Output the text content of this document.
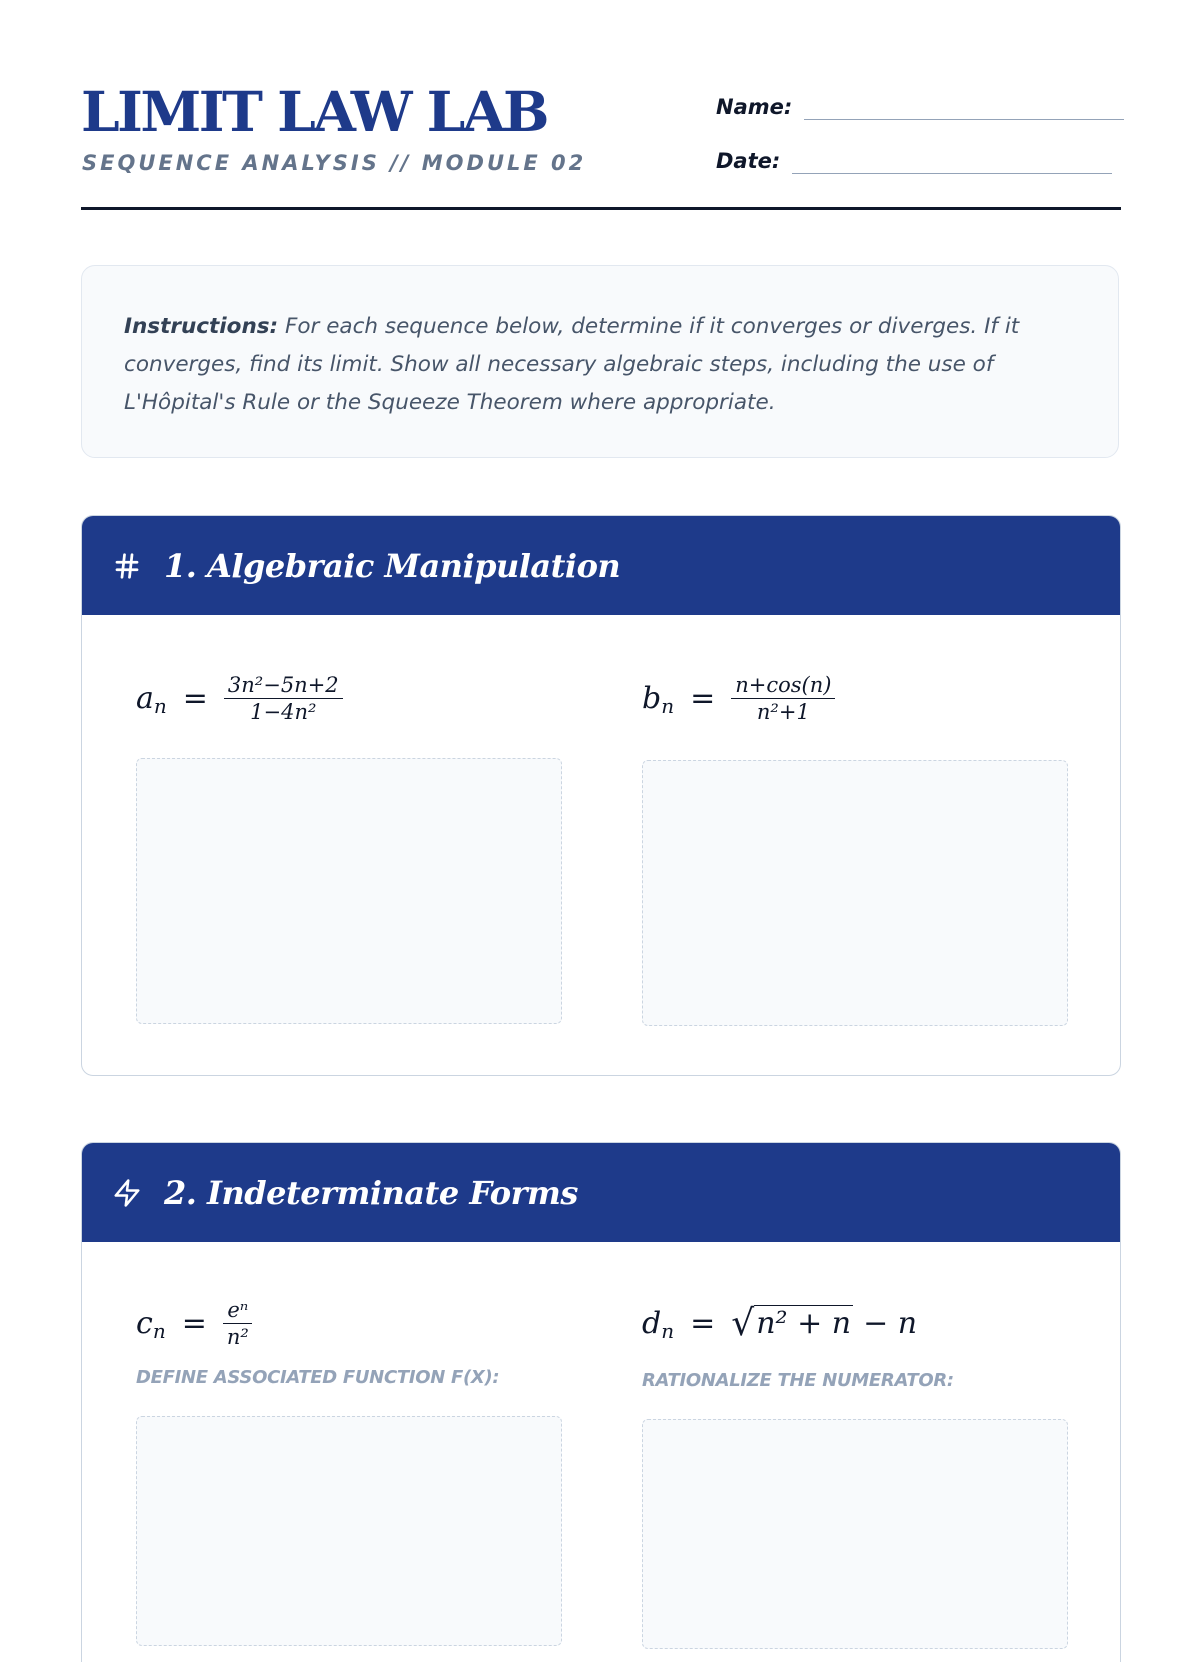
LIMIT LAW LAB
SEQUENCE ANALYSIS // MODULE 02
Name:
Date:
Instructions: For each sequence below, determine if it converges or diverges. If it converges, find its limit. Show all necessary algebraic steps, including the use of L'Hôpital's Rule or the Squeeze Theorem where appropriate.
1. Algebraic Manipulation
a $n = \frac{\text{3n²−5n+2}}{\text{1−4n²}}$	b $n = \frac{n+\cos(n)}{\text{n²+1}}$
2. Indeterminate Forms
c $n = \frac{\text{eⁿ}}{\text{n²}}$
DEFINE ASSOCIATED FUNCTION F(X):
d n = √ n² + n − n
RATIONALIZE THE NUMERATOR:
